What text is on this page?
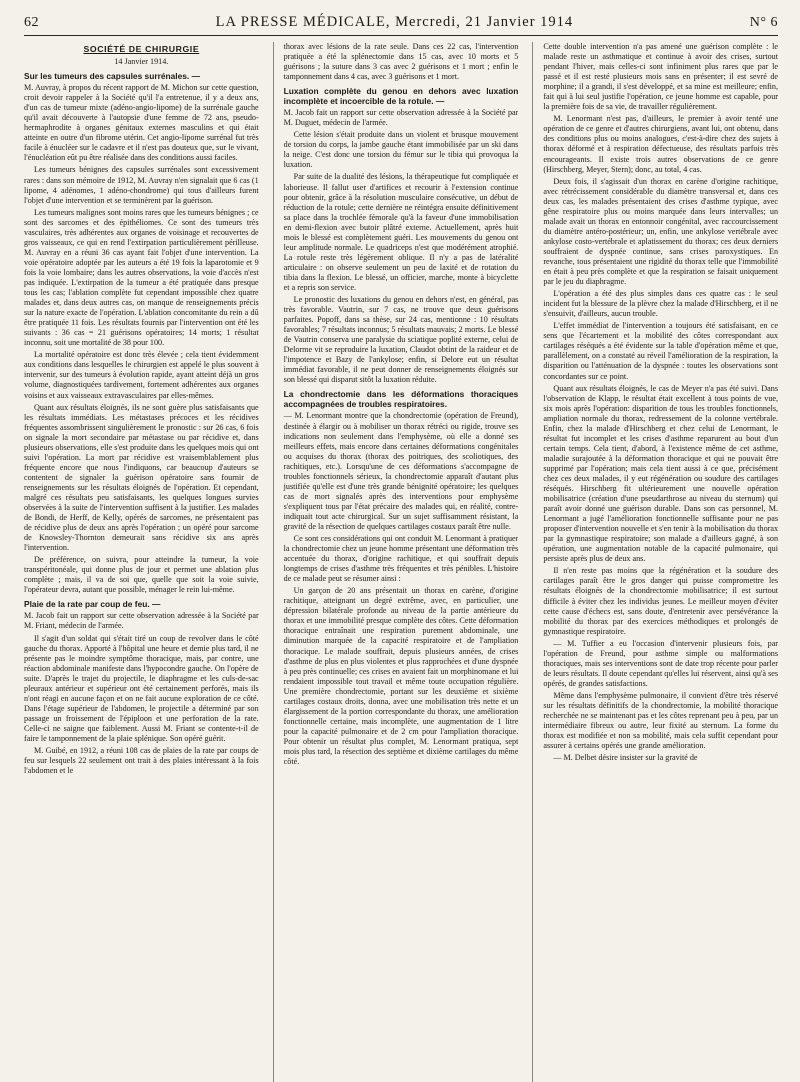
62	LA PRESSE MÉDICALE, Mercredi, 21 Janvier 1914	N° 6
SOCIÉTÉ DE CHIRURGIE
14 Janvier 1914.
Sur les tumeurs des capsules surrénales. —

M. Auvray, à propos du récent rapport de M. Michon sur cette question, croit devoir rappeler à la Société qu'il l'a entretenue, il y a deux ans, d'un cas de tumeur mixte (adéno-angio-lipome) de la surrénale gauche qu'il avait découverte à l'autopsie d'une femme de 72 ans, pseudo-hermaphrodite à organes génitaux externes masculins et qui était atteinte en outre d'un fibrome utérin. Cet angio-lipome surrénal fut très facile à énucléer sur le cadavre et il n'est pas douteux que, sur le vivant, l'énucléation eût pu être réalisée dans des conditions aussi faciles.

Les tumeurs bénignes des capsules surrénales sont excessivement rares : dans son mémoire de 1912, M. Auvray n'en signalait que 6 cas (1 lipome, 4 adénomes, 1 adéno-chondrome) qui tous d'ailleurs furent l'objet d'une intervention et se terminèrent par la guérison.

Les tumeurs malignes sont moins rares que les tumeurs bénignes ; ce sont des sarcomes et des épithéliomes. Ce sont des tumeurs très vasculaires, très adhérentes aux organes de voisinage et recouvertes de gros vaisseaux, ce qui en rend l'extirpation particulièrement périlleuse. M. Auvray en a réuni 36 cas ayant fait l'objet d'une intervention. La voie opératoire adoptée par les auteurs a été 19 fois la laparotomie et 9 fois la voie lombaire; dans les autres observations, la voie d'accès n'est pas indiquée. L'extirpation de la tumeur a été pratiquée dans presque tous les cas; l'ablation complète fut cependant impossible chez quatre malades et, dans deux autres cas, on manque de renseignements précis sur la nature exacte de l'opération. L'ablation concomitante du rein a dû être pratiquée 11 fois. Les résultats fournis par l'intervention ont été les suivants : 36 cas = 21 guérisons opératoires; 14 morts; 1 résultat inconnu, soit une mortalité de 38 pour 100.

La mortalité opératoire est donc très élevée ; cela tient évidemment aux conditions dans lesquelles le chirurgien est appelé le plus souvent à intervenir, sur des tumeurs à évolution rapide, ayant atteint déjà un gros volume, diagnostiquées tardivement, fortement adhérentes aux organes voisins et aux vaisseaux extravasculaires par elles-mêmes.

Quant aux résultats éloignés, ils ne sont guère plus satisfaisants que les résultats immédiats. Les métastases précoces et les récidives fréquentes assombrissent singulièrement le pronostic : sur 26 cas, 6 fois on signale la mort secondaire par métastase ou par récidive et, dans plusieurs observations, elle s'est produite dans les quelques mois qui ont suivi l'opération. La mort par récidive est vraisemblablement plus fréquente encore que nous l'indiquons, car beaucoup d'auteurs se contentent de signaler la guérison opératoire sans fournir de renseignements sur les résultats éloignés de l'opération. Et cependant, malgré ces résultats peu satisfaisants, les quelques longues survies observées à la suite de l'intervention suffisent à la justifier. Les malades de Bondi, de Herff, de Kelly, opérés de sarcomes, ne présentaient pas de récidive plus de deux ans après l'opération ; un opéré pour sarcome de Knowsley-Thornton demeurait sans récidive six ans après l'intervention.

De préférence, on suivra, pour atteindre la tumeur, la voie transpéritonéale, qui donne plus de jour et permet une ablation plus complète ; mais, il va de soi que, quelle que soit la voie suivie, l'opérateur devra, autant que possible, ménager le rein lui-même.

Plaie de la rate par coup de feu. —

M. Jacob fait un rapport sur cette observation adressée à la Société par M. Friant, médecin de l'armée.

Il s'agit d'un soldat qui s'était tiré un coup de revolver dans le côté gauche du thorax. Apporté à l'hôpital une heure et demie plus tard, il ne présente pas le moindre symptôme thoracique, mais, par contre, une réaction abdominale manifeste dans l'hypocondre gauche. On l'opère de suite. D'après le trajet du projectile, le diaphragme et les culs-de-sac pleuraux antérieur et supérieur ont été certainement perforés, mais ils n'ont réagi en aucune façon et on ne fait aucune exploration de ce côté. Dans l'étage supérieur de l'abdomen, le projectile a déterminé par son passage un froissement de l'épiploon et une perforation de la rate. Celle-ci ne saigne que faiblement. Aussi M. Friant se contente-t-il de faire le tamponnement de la plaie splénique. Son opéré guérit.

M. Guibé, en 1912, a réuni 108 cas de plaies de la rate par coups de feu sur lesquels 22 seulement ont trait à des plaies intéressant à la fois l'abdomen et le

thorax avec lésions de la rate seule. Dans ces 22 cas, l'intervention pratiquée a été la splénectomie dans 15 cas, avec 10 morts et 5 guérisons ; la suture dans 3 cas avec 2 guérisons et 1 mort ; enfin le tamponnement dans 4 cas, avec 3 guérisons et 1 mort.

Luxation complète du genou en dehors avec luxation incomplète et incoercible de la rotule. —

M. Jacob fait un rapport sur cette observation adressée à la Société par M. Duguet, médecin de l'armée.

Cette lésion s'était produite dans un violent et brusque mouvement de torsion du corps, la jambe gauche étant immobilisée par un ski dans la neige. C'est donc une torsion du fémur sur le tibia qui provoqua la luxation.

Par suite de la dualité des lésions, la thérapeutique fut compliquée et laborieuse. Il fallut user d'artifices et recourir à l'extension continue pour obtenir, grâce à la résolution musculaire consécutive, un début de réduction de la rotule; cette dernière ne réintégra ensuite définitivement sa place dans la trochlée fémorale qu'à la faveur d'une immobilisation en demi-flexion avec butoir plâtré externe. Actuellement, après huit mois le blessé est complètement guéri. Les mouvements du genou ont leur amplitude normale. Le quadriceps n'est que modérément atrophié. La rotule reste très légèrement oblique. Il n'y a pas de latéralité articulaire : on observe seulement un peu de laxité et de rotation du tibia dans la flexion. Le blessé, un officier, marche, monte à bicyclette et a repris son service.

Le pronostic des luxations du genou en dehors n'est, en général, pas très favorable. Vautrin, sur 7 cas, ne trouve que deux guérisons parfaites. Popoff, dans sa thèse, sur 24 cas, mentionne : 10 résultats favorables; 7 résultats inconnus; 5 résultats mauvais; 2 morts. Le blessé de Vautrin conserva une paralysie du sciatique poplité externe, celui de Delorme vit se reproduire la luxation, Claudot obtint de la raideur et de l'impotence et Bazy de l'ankylose; enfin, si Delore eut un résultat immédiat favorable, il ne peut donner de renseignements éloignés sur son blessé qui disparut sitôt la luxation réduite.

La chondrectomie dans les déformations thoraciques accompagnées de troubles respiratoires.

— M. Lenormant montre que la chondrectomie (opération de Freund), destinée à élargir ou à mobiliser un thorax rétréci ou rigide, trouve ses indications non seulement dans l'emphysème, où elle a donné ses meilleurs effets, mais encore dans certaines déformations congénitales ou acquises du thorax (thorax des poitriques, des scoliotiques, des rachitiques, etc.). Lorsqu'une de ces déformations s'accompagne de troubles fonctionnels sérieux, la chondrectomie apparaît d'autant plus justifiée qu'elle est d'une très grande bénignité opératoire; les quelques cas de mort signalés après des interventions pour emphysème s'expliquent tous par l'état précaire des malades qui, en réalité, contre-indiquait tout acte chirurgical. Sur un sujet suffisamment résistant, la gravité de la résection de quelques cartilages costaux paraît être nulle.

Ce sont ces considérations qui ont conduit M. Lenormant à pratiquer la chondrectomie chez un jeune homme présentant une déformation très accentuée du thorax, d'origine rachitique, et qui souffrait depuis longtemps de crises d'asthme très fréquentes et très pénibles. L'histoire de ce malade peut se résumer ainsi :

Un garçon de 20 ans présentait un thorax en carène, d'origine rachitique, atteignant un degré extrême, avec, en particulier, une dépression bilatérale profonde au niveau de la partie antérieure du thorax et une immobilité presque complète des côtes. Cette déformation thoracique entraînait une respiration purement abdominale, une diminution marquée de la capacité respiratoire et de l'ampliation thoracique. Le malade souffrait, depuis plusieurs années, de crises d'asthme de plus en plus violentes et plus rapprochées et d'une dyspnée à peu près continuelle; ces crises en avaient fait un morphinomane et lui rendaient impossible tout travail et même toute occupation régulière. Une première chondrectomie, portant sur les deuxième et sixième cartilages costaux droits, donna, avec une mobilisation très nette et un élargissement de la portion correspondante du thorax, une amélioration fonctionnelle certaine, mais incomplète, une augmentation de 1 litre pour la capacité pulmonaire et de 2 cm pour l'ampliation thoracique. Pour obtenir un résultat plus complet, M. Lenormant pratiqua, sept mois plus tard, la résection des septième et dixième cartilages du même côté.

Cette double intervention n'a pas amené une guérison complète : le malade reste un asthmatique et continue à avoir des crises, surtout pendant l'hiver, mais celles-ci sont infiniment plus rares que par le passé et il est resté plusieurs mois sans en présenter; il est sevré de morphine; il a grandi, il s'est développé, et sa mine est meilleure; enfin, fait qui à lui seul justifie l'opération, ce jeune homme est capable, pour la première fois de sa vie, de travailler régulièrement.

M. Lenormant n'est pas, d'ailleurs, le premier à avoir tenté une opération de ce genre et d'autres chirurgiens, avant lui, ont obtenu, dans des conditions plus ou moins analogues, c'est-à-dire chez des sujets à thorax déformé et à respiration défectueuse, des résultats parfois très encourageants. Il existe trois autres observations de ce genre (Hirschberg, Meyer, Stern); donc, au total, 4 cas.

Deux fois, il s'agissait d'un thorax en carène d'origine rachitique, avec rétrécissement considérable du diamètre transversal et, dans ces deux cas, les malades présentaient des crises d'asthme typique, avec gêne respiratoire plus ou moins marquée dans leurs intervalles; un malade avait un thorax en entonnoir congénital, avec raccourcissement du diamètre antéro-postérieur; un, enfin, une ankylose vertébrale avec ankylose costo-vertébrale et aplatissement du thorax; ces deux derniers souffraient de dyspnée continue, sans crises paroxystiques. En revanche, tous présentaient une rigidité du thorax telle que l'immobilité en était à peu près complète et que la respiration se faisait uniquement par le jeu du diaphragme.

L'opération a été des plus simples dans ces quatre cas : le seul incident fut la blessure de la plèvre chez la malade d'Hirschberg, et il ne s'ensuivit, d'ailleurs, aucun trouble.

L'effet immédiat de l'intervention a toujours été satisfaisant, en ce sens que l'écartement et la mobilité des côtes correspondant aux cartilages réséqués a été évidente sur la table d'opération même et que, parallèlement, on a constaté au réveil l'amélioration de la respiration, la disparition ou l'atténuation de la dyspnée : toutes les observations sont concordantes sur ce point.

Quant aux résultats éloignés, le cas de Meyer n'a pas été suivi. Dans l'observation de Klapp, le résultat était excellent à tous points de vue, six mois après l'opération: disparition de tous les troubles fonctionnels, ampliation normale du thorax, redressement de la colonne vertébrale. Enfin, chez la malade d'Hirschberg et chez celui de Lenormant, le résultat fut incomplet et les crises d'asthme reparurent au bout d'un certain temps. Cela tient, d'abord, à l'existence même de cet asthme, maladie surajoutée à la déformation thoracique et qui ne pouvait être supprimé par l'opération; mais cela tient aussi à ce que, précisément chez ces deux malades, il y eut régénération ou soudure des cartilages réséqués. Hirschberg fit ultérieurement une nouvelle opération mobilisatrice (création d'une pseudarthrose au niveau du sternum) qui paraît avoir donné une guérison durable. Dans son cas personnel, M. Lenormant a jugé l'amélioration fonctionnelle suffisante pour ne pas proposer d'intervention nouvelle et s'en tenir à la mobilisation du thorax par la gymnastique respiratoire; son malade a d'ailleurs gagné, à son opération, une augmentation notable de la capacité pulmonaire, qui persiste après plus de deux ans.

Il n'en reste pas moins que la régénération et la soudure des cartilages paraît être le gros danger qui puisse compromettre les résultats éloignés de la chondrectomie mobilisatrice; il est surtout difficile à éviter chez les individus jeunes. Le meilleur moyen d'éviter cette cause d'échecs est, sans doute, d'entretenir avec persévérance la mobilité du thorax par des exercices méthodiques et prolongés de gymnastique respiratoire.

— M. Tuffier a eu l'occasion d'intervenir plusieurs fois, par l'opération de Freund, pour asthme simple ou malformations thoraciques, mais ses interventions sont de date trop récente pour parler de leurs résultats. Il doute cependant qu'elles lui réservent, ainsi qu'à ses opérés, de grandes satisfactions.

Même dans l'emphysème pulmonaire, il convient d'être très réservé sur les résultats définitifs de la chondrectomie, la mobilité thoracique recherchée ne se maintenant pas et les côtes reprenant peu à peu, par un intermédiaire fibreux ou autre, leur fixité au sternum. La forme du thorax est modifiée et non sa mobilité, mais cela suffit cependant pour assurer à certains opérés une grande amélioration.

— M. Delbet désire insister sur la gravité de
